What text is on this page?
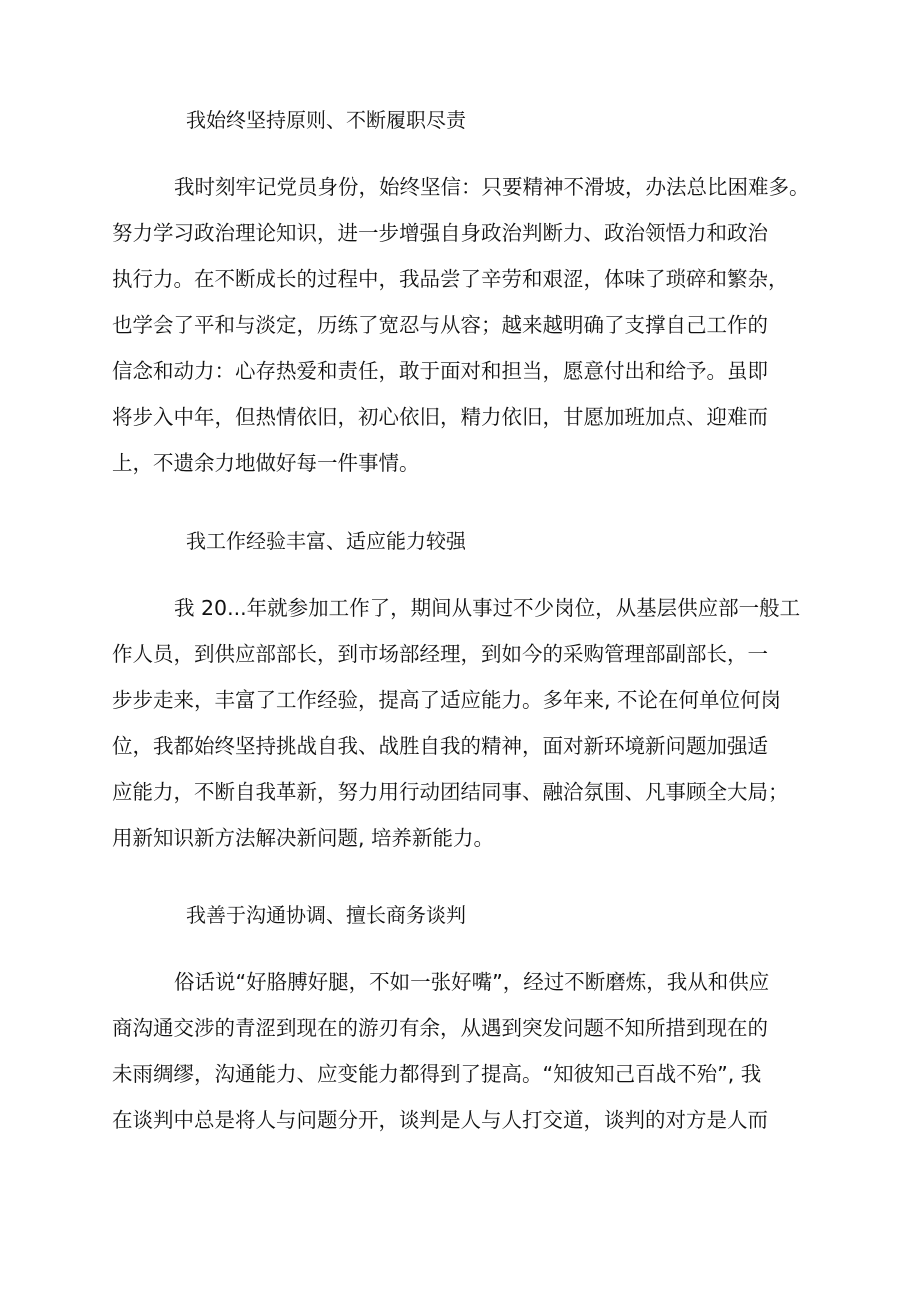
我始终坚持原则、不断履职尽责

我时刻牢记党员身份，始终坚信：只要精神不滑坡，办法总比困难多。

努力学习政治理论知识，进一步增强自身政治判断力、政治领悟力和政治

执行力。在不断成长的过程中，我品尝了辛劳和艰涩，体味了琐碎和繁杂，

也学会了平和与淡定，历练了宽忍与从容；越来越明确了支撑自己工作的

信念和动力：心存热爱和责任，敢于面对和担当，愿意付出和给予。虽即

将步入中年，但热情依旧，初心依旧，精力依旧，甘愿加班加点、迎难而

上，不遗余力地做好每一件事情。

我工作经验丰富、适应能力较强

我 20...年就参加工作了，期间从事过不少岗位，从基层供应部一般工

作人员，到供应部部长，到市场部经理，到如今的采购管理部副部长，一

步步走来，丰富了工作经验，提高了适应能力。多年来, 不论在何单位何岗

位，我都始终坚持挑战自我、战胜自我的精神，面对新环境新问题加强适

应能力，不断自我革新，努力用行动团结同事、融洽氛围、凡事顾全大局；

用新知识新方法解决新问题, 培养新能力。

我善于沟通协调、擅长商务谈判

俗话说“好胳膊好腿，不如一张好嘴”，经过不断磨炼，我从和供应

商沟通交涉的青涩到现在的游刃有余，从遇到突发问题不知所措到现在的

未雨绸缪，沟通能力、应变能力都得到了提高。“知彼知己百战不殆”, 我

在谈判中总是将人与问题分开，谈判是人与人打交道，谈判的对方是人而
